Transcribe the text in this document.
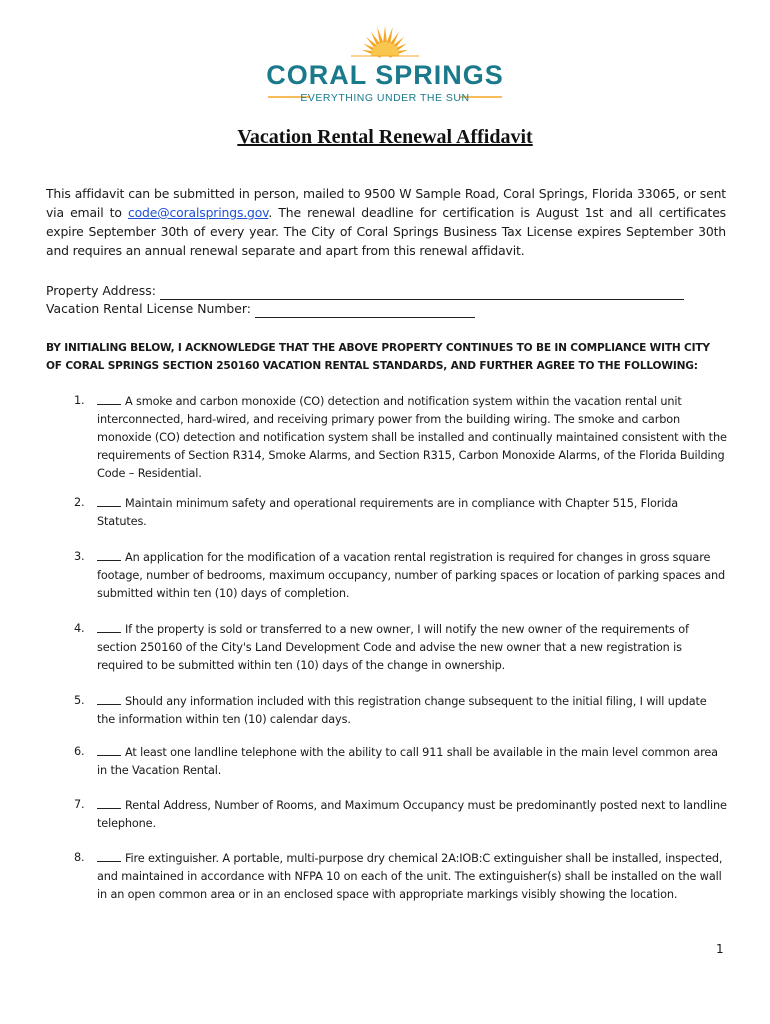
CORAL SPRINGS
EVERYTHING UNDER THE SUN
Vacation Rental Renewal Affidavit
This affidavit can be submitted in person, mailed to 9500 W Sample Road, Coral Springs, Florida 33065, or sent via email to code@coralsprings.gov. The renewal deadline for certification is August 1st and all certificates expire September 30th of every year. The City of Coral Springs Business Tax License expires September 30th and requires an annual renewal separate and apart from this renewal affidavit.
Property Address:
Vacation Rental License Number:
BY INITIALING BELOW, I ACKNOWLEDGE THAT THE ABOVE PROPERTY CONTINUES TO BE IN COMPLIANCE WITH CITY OF CORAL SPRINGS SECTION 250160 VACATION RENTAL STANDARDS, AND FURTHER AGREE TO THE FOLLOWING:
1.	A smoke and carbon monoxide (CO) detection and notification system within the vacation rental unit interconnected, hard-wired, and receiving primary power from the building wiring. The smoke and carbon monoxide (CO) detection and notification system shall be installed and continually maintained consistent with the requirements of Section R314, Smoke Alarms, and Section R315, Carbon Monoxide Alarms, of the Florida Building Code – Residential.
2.	Maintain minimum safety and operational requirements are in compliance with Chapter 515, Florida Statutes.
3.	An application for the modification of a vacation rental registration is required for changes in gross square footage, number of bedrooms, maximum occupancy, number of parking spaces or location of parking spaces and submitted within ten (10) days of completion.
4.	If the property is sold or transferred to a new owner, I will notify the new owner of the requirements of section 250160 of the City's Land Development Code and advise the new owner that a new registration is required to be submitted within ten (10) days of the change in ownership.
5.	Should any information included with this registration change subsequent to the initial filing, I will update the information within ten (10) calendar days.
6.	At least one landline telephone with the ability to call 911 shall be available in the main level common area in the Vacation Rental.
7.	Rental Address, Number of Rooms, and Maximum Occupancy must be predominantly posted next to landline telephone.
8.	Fire extinguisher. A portable, multi-purpose dry chemical 2A:IOB:C extinguisher shall be installed, inspected, and maintained in accordance with NFPA 10 on each of the unit. The extinguisher(s) shall be installed on the wall in an open common area or in an enclosed space with appropriate markings visibly showing the location.
1
